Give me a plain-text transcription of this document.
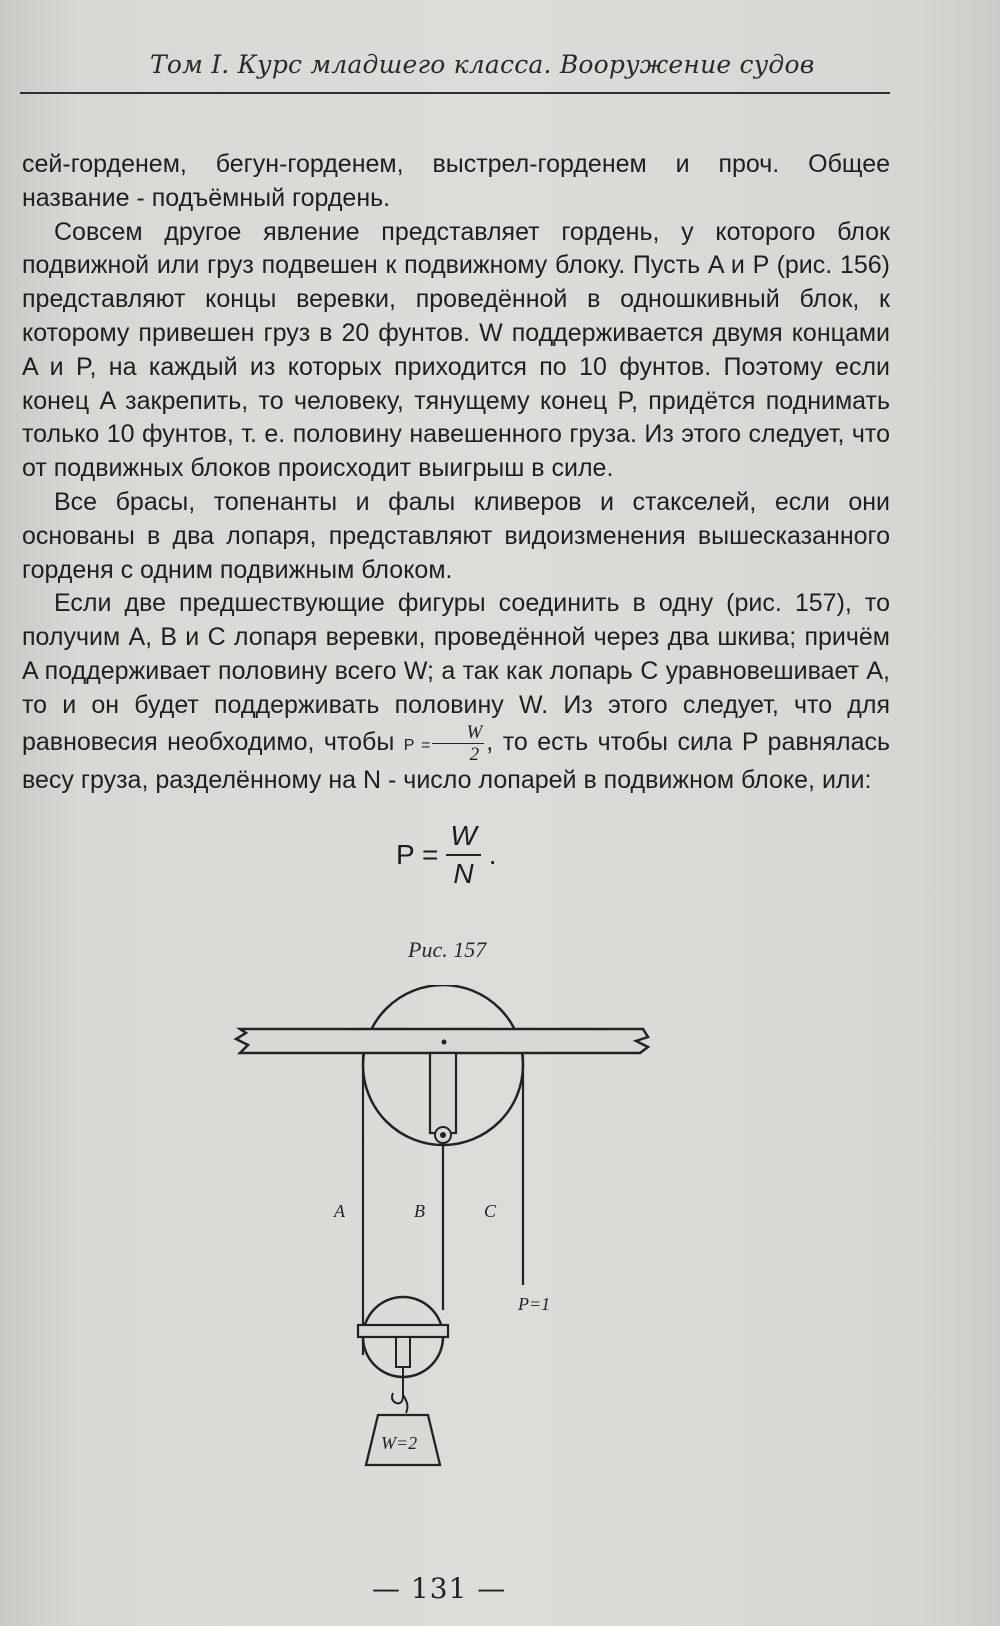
Том I. Курс младшего класса. Вооружение судов

сей-горденем, бегун-горденем, выстрел-горденем и проч. Общее название - подъёмный гордень.

Совсем другое явление представляет гордень, у которого блок подвижной или груз подвешен к подвижному блоку. Пусть A и P (рис. 156) представляют концы веревки, проведённой в одношкивный блок, к которому привешен груз в 20 фунтов. W поддерживается двумя концами A и P, на каждый из которых приходится по 10 фунтов. Поэтому если конец A закрепить, то человеку, тянущему конец P, придётся поднимать только 10 фунтов, т. е. половину навешенного груза. Из этого следует, что от подвижных блоков происходит выигрыш в силе.

Все брасы, топенанты и фалы кливеров и стакселей, если они основаны в два лопаря, представляют видоизменения вышесказанного горденя с одним подвижным блоком.

Если две предшествующие фигуры соединить в одну (рис. 157), то получим A, B и C лопаря веревки, проведённой через два шкива; причём A поддерживает половину всего W; а так как лопарь C уравновешивает A, то и он будет поддерживать половину W. Из этого следует, что для равновесия необходимо, чтобы $P = \frac{W}{2}$ , то есть чтобы сила P равнялась весу груза, разделённому на N - число лопарей в подвижном блоке, или:

$P = \frac{W}{N}$ .
Рис. 157
A	B	C
P=1
W=2
— 131 —
